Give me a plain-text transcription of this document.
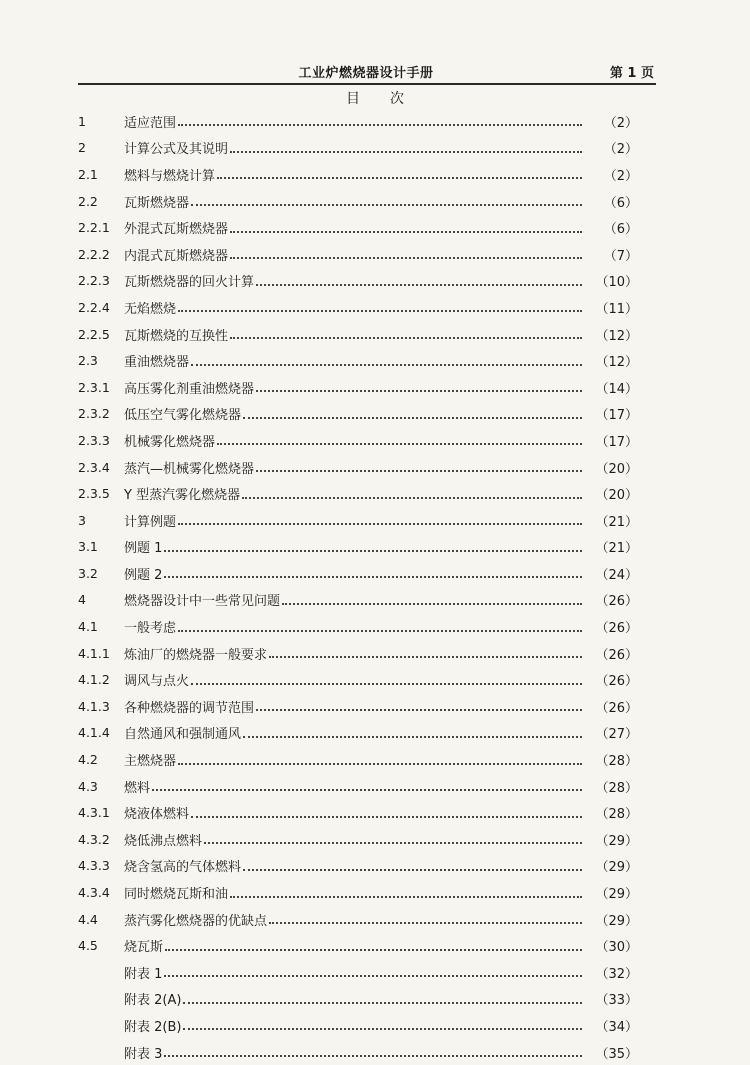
工业炉燃烧器设计手册	第 1 页
目　次
1	适应范围	（2）
2	计算公式及其说明	（2）
2.1	燃料与燃烧计算	（2）
2.2	瓦斯燃烧器	（6）
2.2.1	外混式瓦斯燃烧器	（6）
2.2.2	内混式瓦斯燃烧器	（7）
2.2.3	瓦斯燃烧器的回火计算	（10）
2.2.4	无焰燃烧	（11）
2.2.5	瓦斯燃烧的互换性	（12）
2.3	重油燃烧器	（12）
2.3.1	高压雾化剂重油燃烧器	（14）
2.3.2	低压空气雾化燃烧器	（17）
2.3.3	机械雾化燃烧器	（17）
2.3.4	蒸汽—机械雾化燃烧器	（20）
2.3.5	Y 型蒸汽雾化燃烧器	（20）
3	计算例题	（21）
3.1	例题 1	（21）
3.2	例题 2	（24）
4	燃烧器设计中一些常见问题	（26）
4.1	一般考虑	（26）
4.1.1	炼油厂的燃烧器一般要求	（26）
4.1.2	调风与点火	（26）
4.1.3	各种燃烧器的调节范围	（26）
4.1.4	自然通风和强制通风	（27）
4.2	主燃烧器	（28）
4.3	燃料	（28）
4.3.1	烧液体燃料	（28）
4.3.2	烧低沸点燃料	（29）
4.3.3	烧含氢高的气体燃料	（29）
4.3.4	同时燃烧瓦斯和油	（29）
4.4	蒸汽雾化燃烧器的优缺点	（29）
4.5	烧瓦斯	（30）
附表 1	（32）
附表 2(A)	（33）
附表 2(B)	（34）
附表 3	（35）
